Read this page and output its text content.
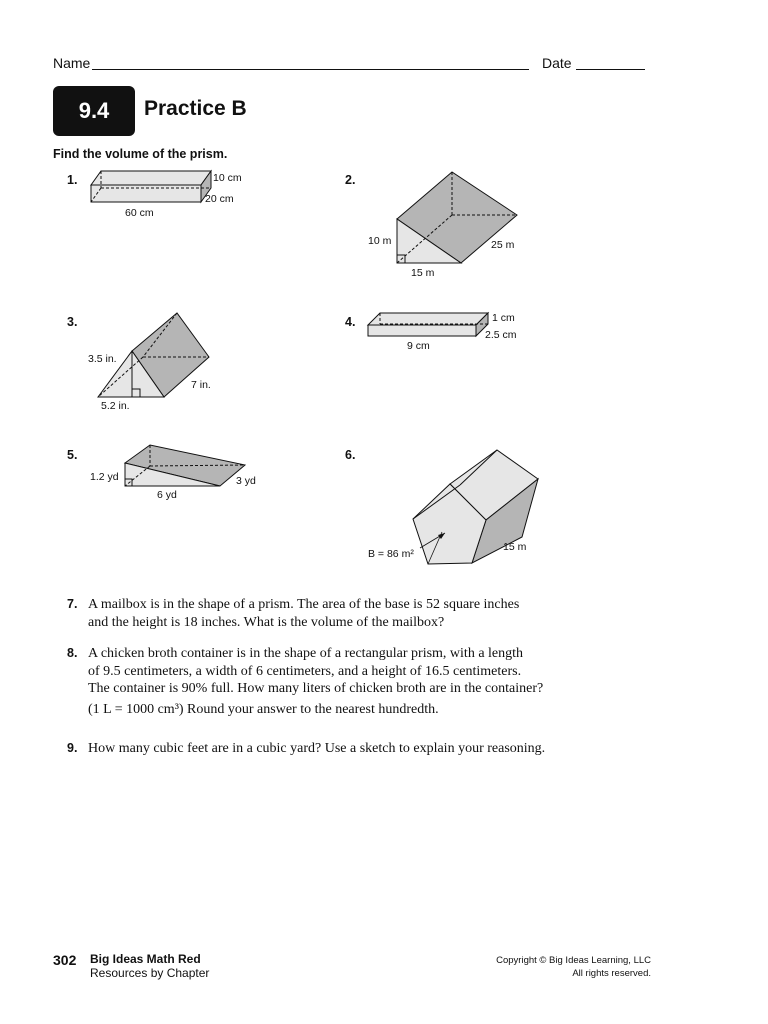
Name	Date
9.4	Practice B
Find the volume of the prism.
1.	2.
3.	4.
5.	6.
10 cm
20 cm
60 cm
10 m
15 m
25 m
3.5 in.
5.2 in.
7 in.
1 cm
2.5 cm
9 cm
1.2 yd
6 yd
3 yd
B = 86 m²
15 m
7. A mailbox is in the shape of a prism. The area of the base is 52 square inches
and the height is 18 inches. What is the volume of the mailbox?
8. A chicken broth container is in the shape of a rectangular prism, with a length
of 9.5 centimeters, a width of 6 centimeters, and a height of 16.5 centimeters.
The container is 90% full. How many liters of chicken broth are in the container?
(1 L = 1000 cm³) Round your answer to the nearest hundredth.
9. How many cubic feet are in a cubic yard? Use a sketch to explain your reasoning.
302 Big Ideas Math Red
Resources by Chapter
Copyright © Big Ideas Learning, LLC
All rights reserved.
